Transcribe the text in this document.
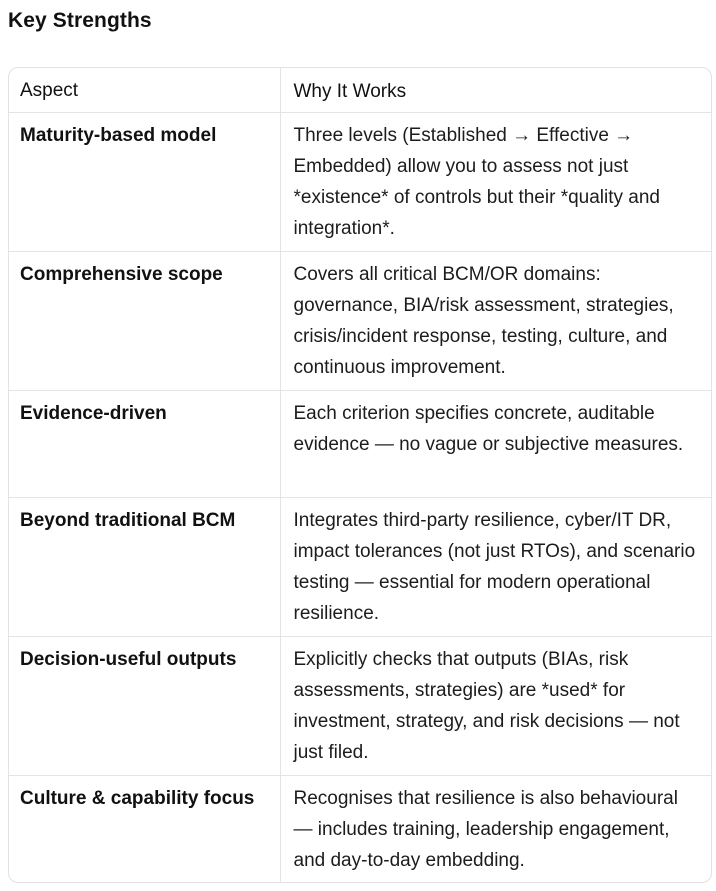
Key Strengths
Aspect	Why It Works
Maturity-based model	Three levels (Established → Effective → Embedded) allow you to assess not just *existence* of controls but their *quality and integration*.
Comprehensive scope	Covers all critical BCM/OR domains: governance, BIA/risk assessment, strategies, crisis/incident response, testing, culture, and continuous improvement.
Evidence-driven	Each criterion specifies concrete, auditable evidence — no vague or subjective measures.
Beyond traditional BCM	Integrates third-party resilience, cyber/IT DR, impact tolerances (not just RTOs), and scenario testing — essential for modern operational resilience.
Decision-useful outputs	Explicitly checks that outputs (BIAs, risk assessments, strategies) are *used* for investment, strategy, and risk decisions — not just filed.
Culture & capability focus	Recognises that resilience is also behavioural — includes training, leadership engagement, and day-to-day embedding.
